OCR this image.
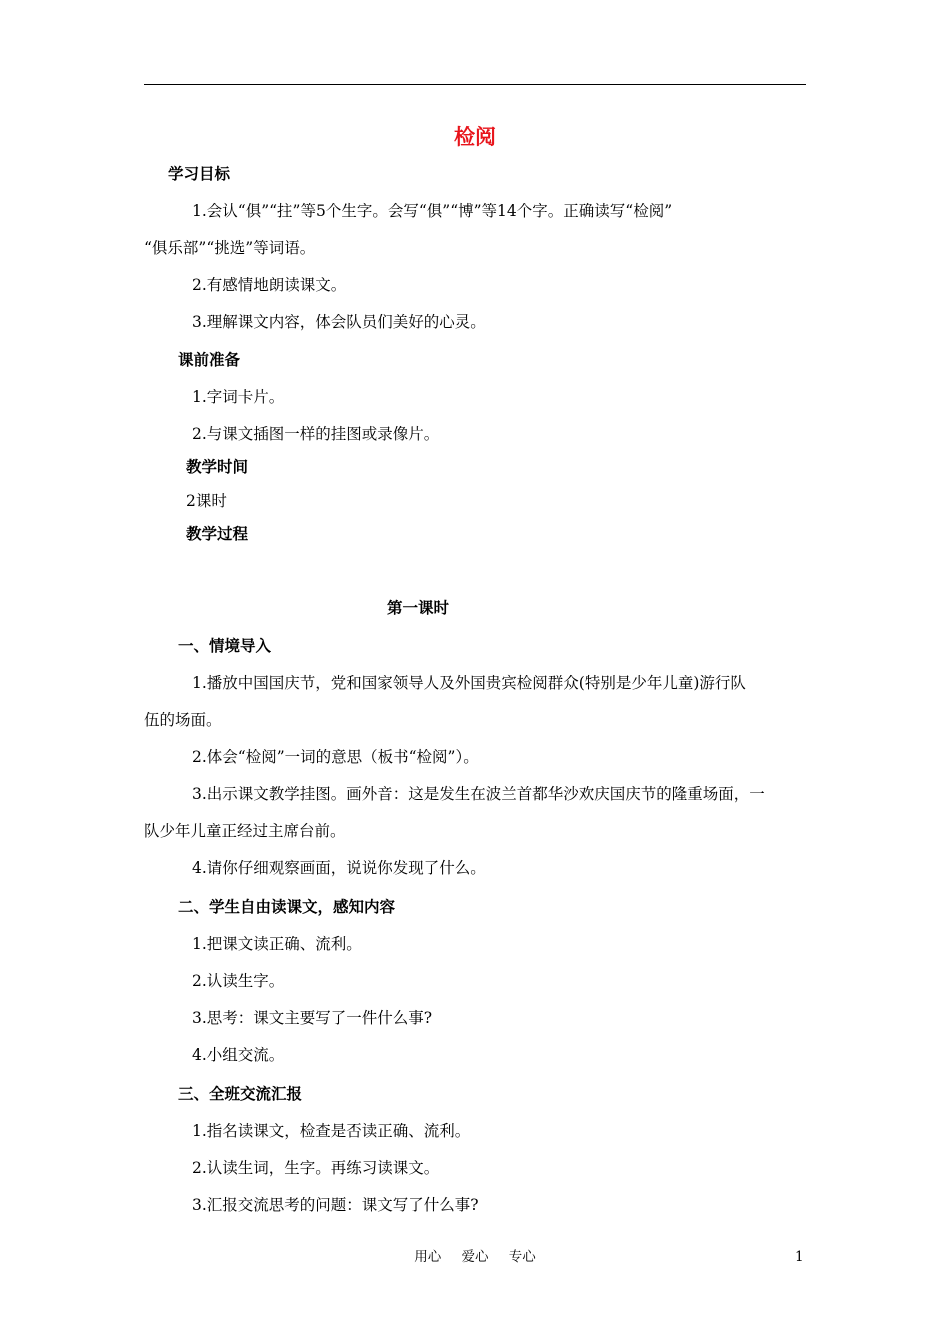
检阅
学习目标
1.会认“俱”“拄”等5个生字。会写“俱”“博”等14个字。正确读写“检阅”
“俱乐部”“挑选”等词语。
2.有感情地朗读课文。
3.理解课文内容，体会队员们美好的心灵。
课前准备
1.字词卡片。
2.与课文插图一样的挂图或录像片。
教学时间
2课时
教学过程
第一课时
一、情境导入
1.播放中国国庆节，党和国家领导人及外国贵宾检阅群众(特别是少年儿童)游行队
伍的场面。
2.体会“检阅”一词的意思（板书“检阅”）。
3.出示课文教学挂图。画外音：这是发生在波兰首都华沙欢庆国庆节的隆重场面，一
队少年儿童正经过主席台前。
4.请你仔细观察画面，说说你发现了什么。
二、学生自由读课文，感知内容
1.把课文读正确、流利。
2.认读生字。
3.思考：课文主要写了一件什么事?
4.小组交流。
三、全班交流汇报
1.指名读课文，检查是否读正确、流利。
2.认读生词，生字。再练习读课文。
3.汇报交流思考的问题：课文写了什么事?
用心 爱心 专心	1
